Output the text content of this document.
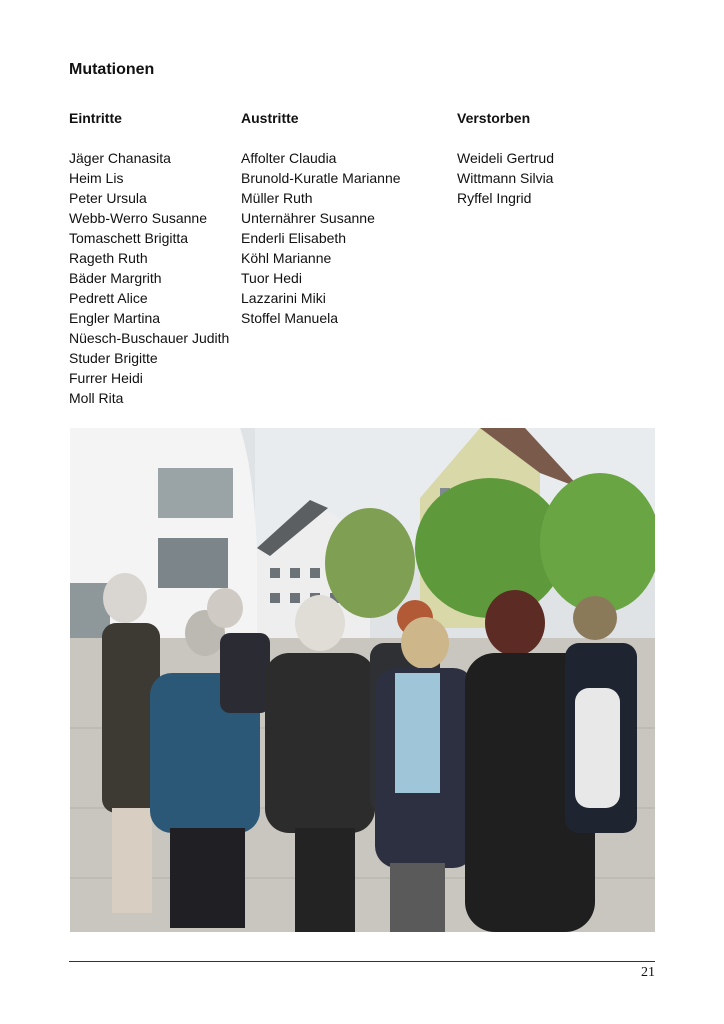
Mutationen
Eintritte
Jäger Chanasita
Heim Lis
Peter Ursula
Webb-Werro Susanne
Tomaschett Brigitta
Rageth Ruth
Bäder Margrith
Pedrett Alice
Engler Martina
Nüesch-Buschauer Judith
Studer Brigitte
Furrer Heidi
Moll Rita
Austritte
Affolter Claudia
Brunold-Kuratle Marianne
Müller Ruth
Unternährer Susanne
Enderli Elisabeth
Köhl Marianne
Tuor Hedi
Lazzarini Miki
Stoffel Manuela
Verstorben
Weideli Gertrud
Wittmann Silvia
Ryffel Ingrid
21
